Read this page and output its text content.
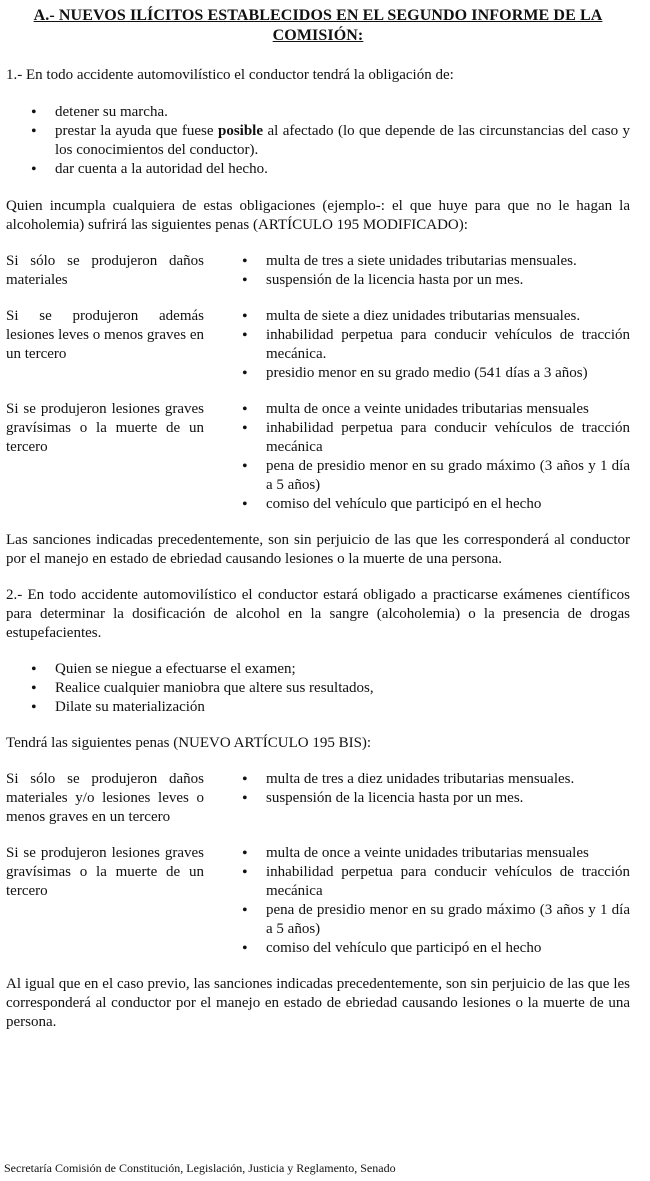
A.- NUEVOS ILÍCITOS ESTABLECIDOS EN EL SEGUNDO INFORME DE LA
COMISIÓN:

1.- En todo accidente automovilístico el conductor tendrá la obligación de:

• detener su marcha.
• prestar la ayuda que fuese posible al afectado (lo que depende de las circunstancias del caso y los conocimientos del conductor).
• dar cuenta a la autoridad del hecho.

Quien incumpla cualquiera de estas obligaciones (ejemplo-: el que huye para que no le hagan la alcoholemia) sufrirá las siguientes penas (ARTÍCULO 195 MODIFICADO):

Si sólo se produjeron daños materiales
• multa de tres a siete unidades tributarias mensuales.
• suspensión de la licencia hasta por un mes.
Si se produjeron además lesiones leves o menos graves en un tercero
• multa de siete a diez unidades tributarias mensuales.
• inhabilidad perpetua para conducir vehículos de tracción mecánica.
• presidio menor en su grado medio (541 días a 3 años)
Si se produjeron lesiones graves gravísimas o la muerte de un tercero
• multa de once a veinte unidades tributarias mensuales
• inhabilidad perpetua para conducir vehículos de tracción mecánica
• pena de presidio menor en su grado máximo (3 años y 1 día a 5 años)
• comiso del vehículo que participó en el hecho

Las sanciones indicadas precedentemente, son sin perjuicio de las que les corresponderá al conductor por el manejo en estado de ebriedad causando lesiones o la muerte de una persona.

2.- En todo accidente automovilístico el conductor estará obligado a practicarse exámenes científicos para determinar la dosificación de alcohol en la sangre (alcoholemia) o la presencia de drogas estupefacientes.

• Quien se niegue a efectuarse el examen;
• Realice cualquier maniobra que altere sus resultados,
• Dilate su materialización

Tendrá las siguientes penas (NUEVO ARTÍCULO 195 BIS):

Si sólo se produjeron daños materiales y/o lesiones leves o menos graves en un tercero
• multa de tres a diez unidades tributarias mensuales.
• suspensión de la licencia hasta por un mes.
Si se produjeron lesiones graves gravísimas o la muerte de un tercero
• multa de once a veinte unidades tributarias mensuales
• inhabilidad perpetua para conducir vehículos de tracción mecánica
• pena de presidio menor en su grado máximo (3 años y 1 día a 5 años)
• comiso del vehículo que participó en el hecho

Al igual que en el caso previo, las sanciones indicadas precedentemente, son sin perjuicio de las que les corresponderá al conductor por el manejo en estado de ebriedad causando lesiones o la muerte de una persona.

Secretaría Comisión de Constitución, Legislación, Justicia y Reglamento, Senado
